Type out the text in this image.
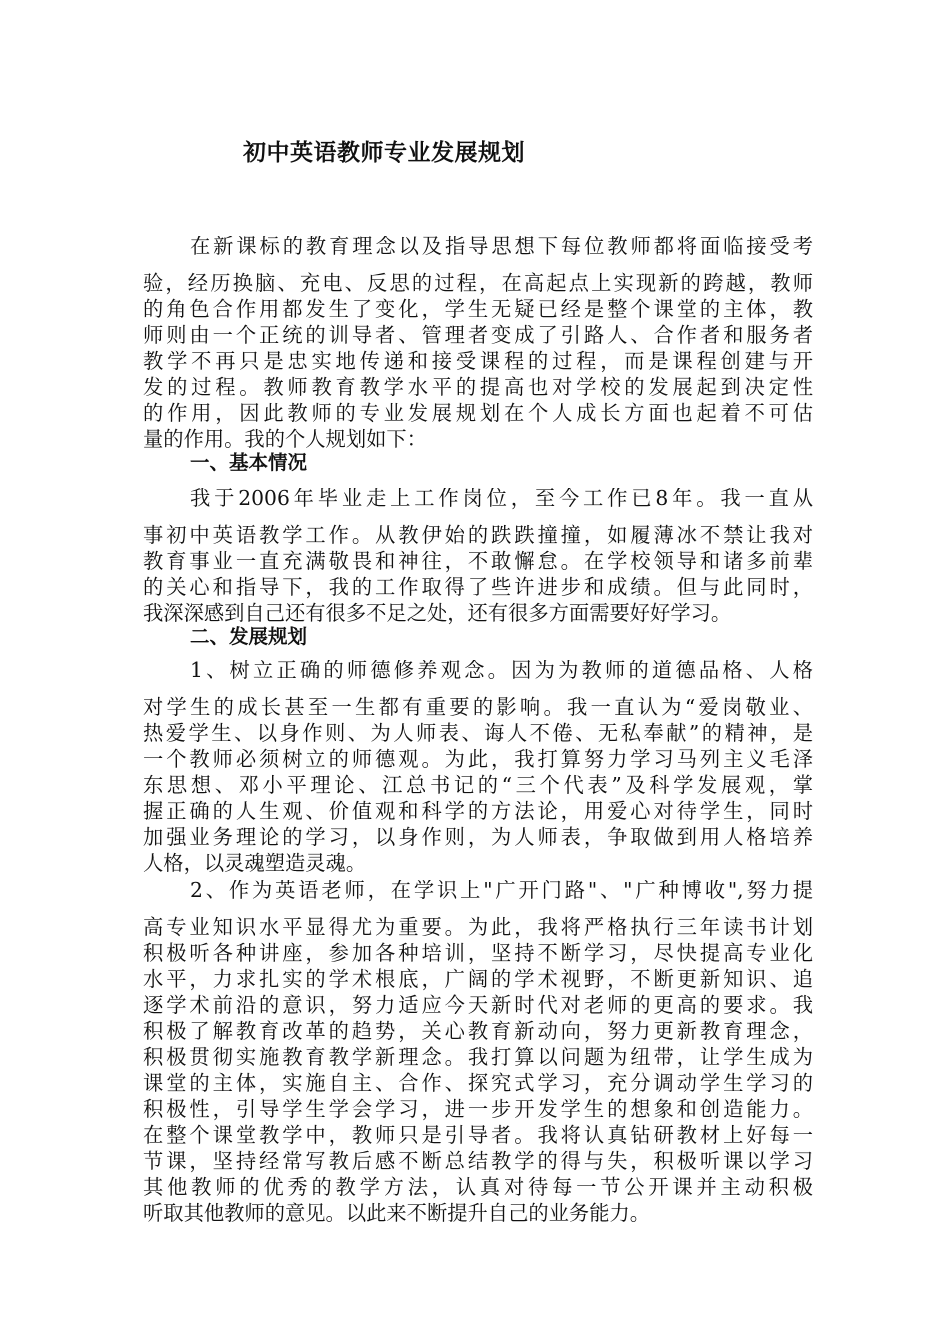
初中英语教师专业发展规划
在新课标的教育理念以及指导思想下每位教师都将面临接受考
验，经历换脑、充电、反思的过程，在高起点上实现新的跨越，教师
的角色合作用都发生了变化，学生无疑已经是整个课堂的主体，教
师则由一个正统的训导者、管理者变成了引路人、合作者和服务者
教学不再只是忠实地传递和接受课程的过程，而是课程创建与开
发的过程。教师教育教学水平的提高也对学校的发展起到决定性
的作用，因此教师的专业发展规划在个人成长方面也起着不可估
量的作用。我的个人规划如下：
一、基本情况
我于2006年毕业走上工作岗位，至今工作已8年。我一直从
事初中英语教学工作。从教伊始的跌跌撞撞，如履薄冰不禁让我对
教育事业一直充满敬畏和神往，不敢懈怠。在学校领导和诸多前辈
的关心和指导下，我的工作取得了些许进步和成绩。但与此同时，
我深深感到自己还有很多不足之处，还有很多方面需要好好学习。
二、发展规划
1、树立正确的师德修养观念。因为为教师的道德品格、人格
对学生的成长甚至一生都有重要的影响。我一直认为“爱岗敬业、
热爱学生、以身作则、为人师表、诲人不倦、无私奉献”的精神，是
一个教师必须树立的师德观。为此，我打算努力学习马列主义毛泽
东思想、邓小平理论、江总书记的“三个代表”及科学发展观，掌
握正确的人生观、价值观和科学的方法论，用爱心对待学生，同时
加强业务理论的学习，以身作则，为人师表，争取做到用人格培养
人格，以灵魂塑造灵魂。
2、作为英语老师，在学识上"广开门路"、"广种博收",努力提
高专业知识水平显得尤为重要。为此，我将严格执行三年读书计划
积极听各种讲座，参加各种培训，坚持不断学习，尽快提高专业化
水平，力求扎实的学术根底，广阔的学术视野，不断更新知识、追
逐学术前沿的意识，努力适应今天新时代对老师的更高的要求。我
积极了解教育改革的趋势，关心教育新动向，努力更新教育理念，
积极贯彻实施教育教学新理念。我打算以问题为纽带，让学生成为
课堂的主体，实施自主、合作、探究式学习，充分调动学生学习的
积极性，引导学生学会学习，进一步开发学生的想象和创造能力。
在整个课堂教学中，教师只是引导者。我将认真钻研教材上好每一
节课，坚持经常写教后感不断总结教学的得与失，积极听课以学习
其他教师的优秀的教学方法，认真对待每一节公开课并主动积极
听取其他教师的意见。以此来不断提升自己的业务能力。
